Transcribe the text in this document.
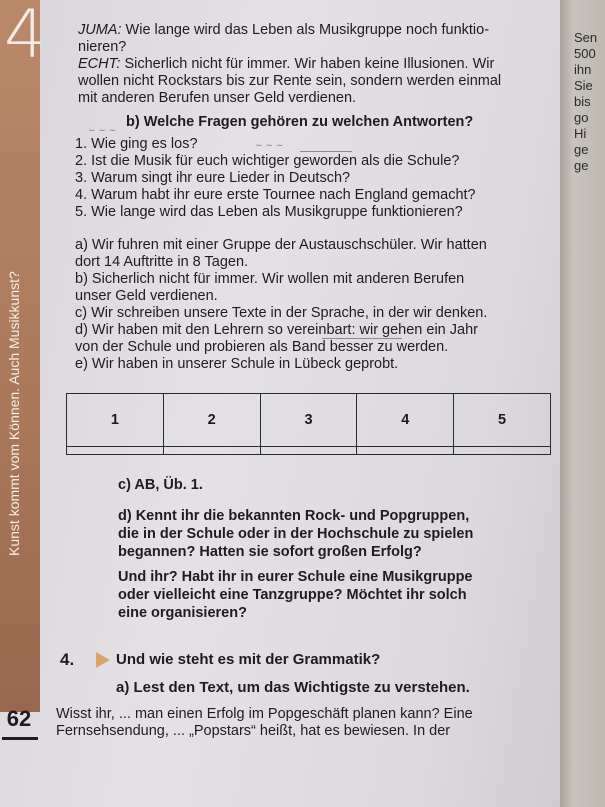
4
Kunst kommt vom Können. Auch Musikkunst?
JUMA: Wie lange wird das Leben als Musikgruppe noch funktio-
nieren?
ECHT: Sicherlich nicht für immer. Wir haben keine Illusionen. Wir
wollen nicht Rockstars bis zur Rente sein, sondern werden einmal
mit anderen Berufen unser Geld verdienen.
b) Welche Fragen gehören zu welchen Antworten?
1. Wie ging es los?
2. Ist die Musik für euch wichtiger geworden als die Schule?
3. Warum singt ihr eure Lieder in Deutsch?
4. Warum habt ihr eure erste Tournee nach England gemacht?
5. Wie lange wird das Leben als Musikgruppe funktionieren?
~ ~ ~
~ ~ ~
a) Wir fuhren mit einer Gruppe der Austauschschüler. Wir hatten
dort 14 Auftritte in 8 Tagen.
b) Sicherlich nicht für immer. Wir wollen mit anderen Berufen
unser Geld verdienen.
c) Wir schreiben unsere Texte in der Sprache, in der wir denken.
d) Wir haben mit den Lehrern so vereinbart: wir gehen ein Jahr
von der Schule und probieren als Band besser zu werden.
e) Wir haben in unserer Schule in Lübeck geprobt.
1	2	3	4	5

c) AB, Üb. 1.
d) Kennt ihr die bekannten Rock- und Popgruppen,
die in der Schule oder in der Hochschule zu spielen
begannen? Hatten sie sofort großen Erfolg?
Und ihr? Habt ihr in eurer Schule eine Musikgruppe
oder vielleicht eine Tanzgruppe? Möchtet ihr solch
eine organisieren?
4.	Und wie steht es mit der Grammatik?
a) Lest den Text, um das Wichtigste zu verstehen.
Wisst ihr, ... man einen Erfolg im Popgeschäft planen kann? Eine
Fernsehsendung, ... „Popstars“ heißt, hat es bewiesen. In der
62
Sen
500
ihn
Sie
bis
go
Hi
ge
ge
